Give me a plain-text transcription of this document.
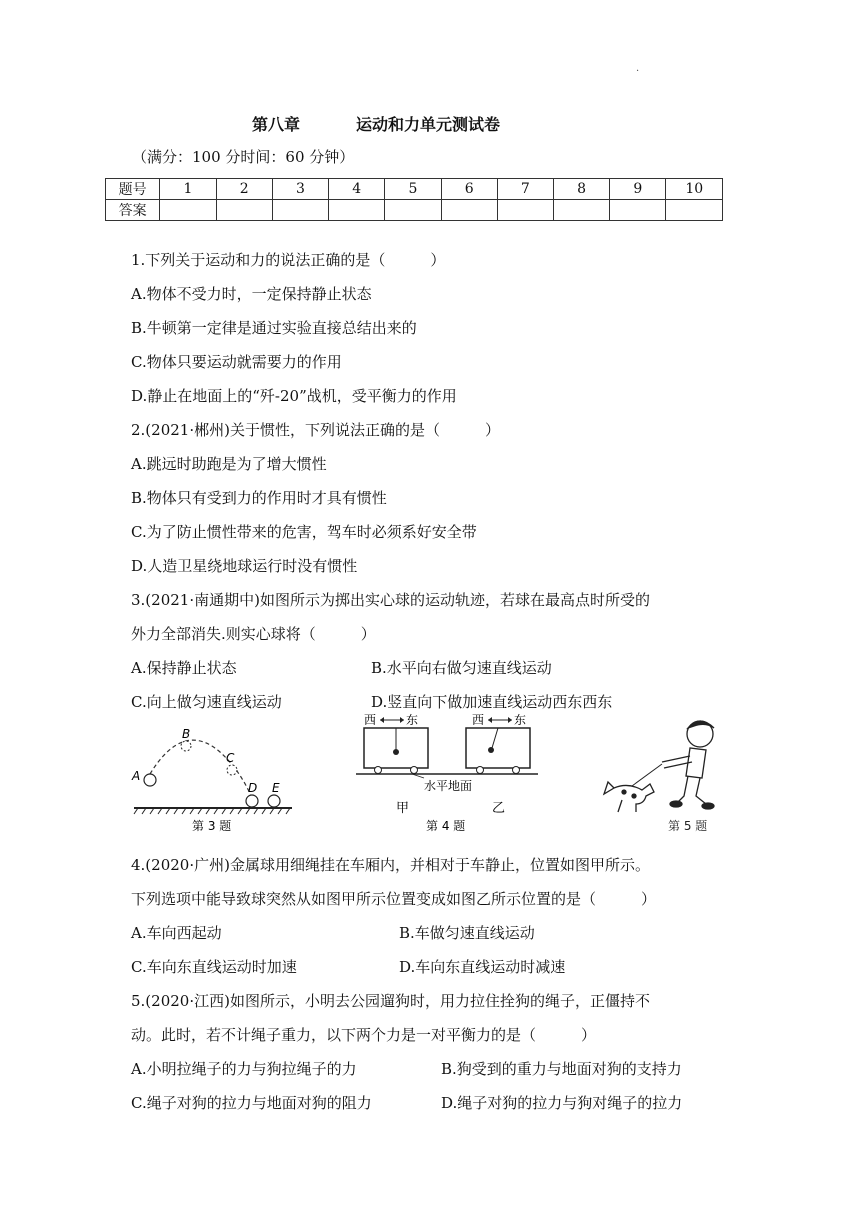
·
第八章	运动和力单元测试卷
（满分：100 分时间：60 分钟）
题号	1	2	3	4	5	6	7	8	9	10
答案										
1.下列关于运动和力的说法正确的是（　　　）
A.物体不受力时，一定保持静止状态
B.牛顿第一定律是通过实验直接总结出来的
C.物体只要运动就需要力的作用
D.静止在地面上的“歼-20”战机，受平衡力的作用
2.(2021·郴州)关于惯性，下列说法正确的是（　　　）
A.跳远时助跑是为了增大惯性
B.物体只有受到力的作用时才具有惯性
C.为了防止惯性带来的危害，驾车时必须系好安全带
D.人造卫星绕地球运行时没有惯性
3.(2021·南通期中)如图所示为掷出实心球的运动轨迹，若球在最高点时所受的
外力全部消失.则实心球将（　　　）
A.保持静止状态	B.水平向右做匀速直线运动
C.向上做匀速直线运动	D.竖直向下做加速直线运动西东西东
A
B
C
D E
第 3 题
西 东	西 东
水平地面
甲	乙
第 4 题	第 5 题
4.(2020·广州)金属球用细绳挂在车厢内，并相对于车静止，位置如图甲所示。
下列选项中能导致球突然从如图甲所示位置变成如图乙所示位置的是（　　　）
A.车向西起动	B.车做匀速直线运动
C.车向东直线运动时加速	D.车向东直线运动时减速
5.(2020·江西)如图所示，小明去公园遛狗时，用力拉住拴狗的绳子，正僵持不
动。此时，若不计绳子重力，以下两个力是一对平衡力的是（　　　）
A.小明拉绳子的力与狗拉绳子的力	B.狗受到的重力与地面对狗的支持力
C.绳子对狗的拉力与地面对狗的阻力	D.绳子对狗的拉力与狗对绳子的拉力
